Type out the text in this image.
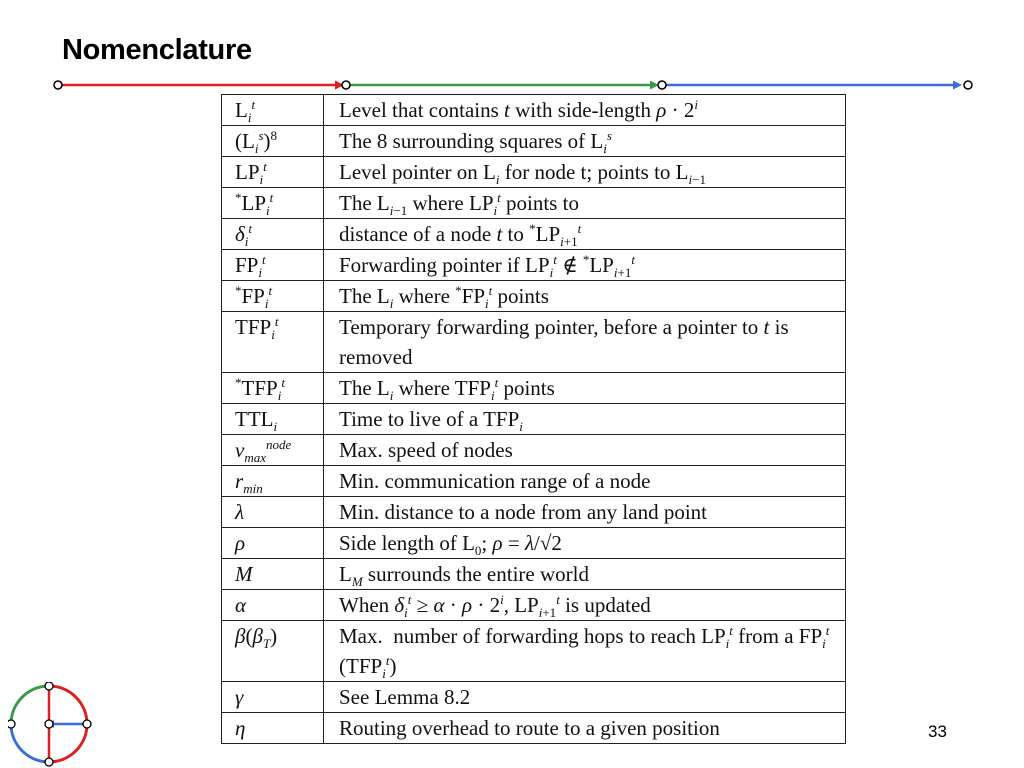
Nomenclature
$L_i^t$	Level that contains t with side-length $\rho \cdot 2^i$
$(L_i^s)^8$	The 8 surrounding squares of $L_i^s$
$LP_i^t$	Level pointer on $L_i$ for node t; points to $L_{i-1}$
$^*LP_i^t$	The $L_{i-1}$ where $LP_i^t$ points to
$\delta_i^t$	distance of a node t to $^*LP_{i+1}^t$
$FP_i^t$	Forwarding pointer if $LP_i^t$ ∉ $^*LP_{i+1}^t$
$^*FP_i^t$	The $L_i$ where $^*FP_i^t$ points
$TFP_i^t$	Temporary forwarding pointer, before a pointer to t is removed
$^*TFP_i^t$	The $L_i$ where $TFP_i^t$ points
$TTL_i$	Time to live of a $TFP_i$
$v_{max}^{node}$	Max. speed of nodes
$r_{min}$	Min. communication range of a node
λ	Min. distance to a node from any land point
ρ	Side length of $L_0$; ρ = λ/√2
M	$L_M$ surrounds the entire world
α	When $\delta_i^t \ge \alpha \cdot \rho \cdot 2^i$, $LP_{i+1}^t$ is updated
$\beta(\beta_T)$	Max.  number of forwarding hops to reach $LP_i^t$ from a $FP_i^t$ $(TFP_i^t)$
γ	See Lemma 8.2
η	Routing overhead to route to a given position	33
